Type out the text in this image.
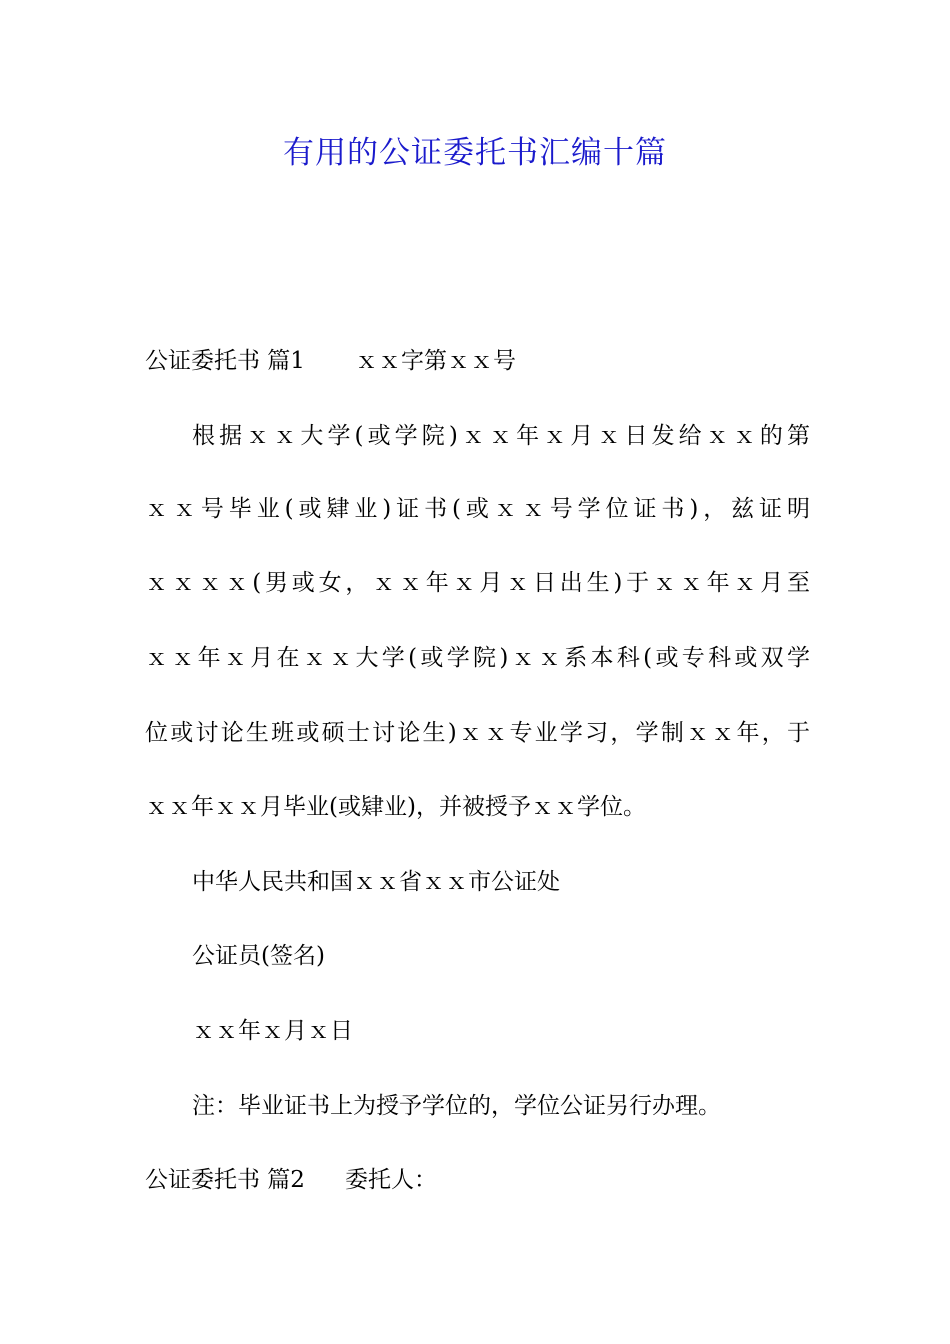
有用的公证委托书汇编十篇

公证委托书 篇1 ｘｘ字第ｘｘ号

根据ｘｘ大学(或学院)ｘｘ年ｘ月ｘ日发给ｘｘ的第

ｘｘ号毕业(或肄业)证书(或ｘｘ号学位证书)，兹证明

ｘｘｘｘ(男或女，ｘｘ年ｘ月ｘ日出生)于ｘｘ年ｘ月至

ｘｘ年ｘ月在ｘｘ大学(或学院)ｘｘ系本科(或专科或双学

位或讨论生班或硕士讨论生)ｘｘ专业学习，学制ｘｘ年，于

ｘｘ年ｘｘ月毕业(或肄业)，并被授予ｘｘ学位。

中华人民共和国ｘｘ省ｘｘ市公证处

公证员(签名)

ｘｘ年ｘ月ｘ日

注：毕业证书上为授予学位的，学位公证另行办理。

公证委托书 篇2 委托人：
